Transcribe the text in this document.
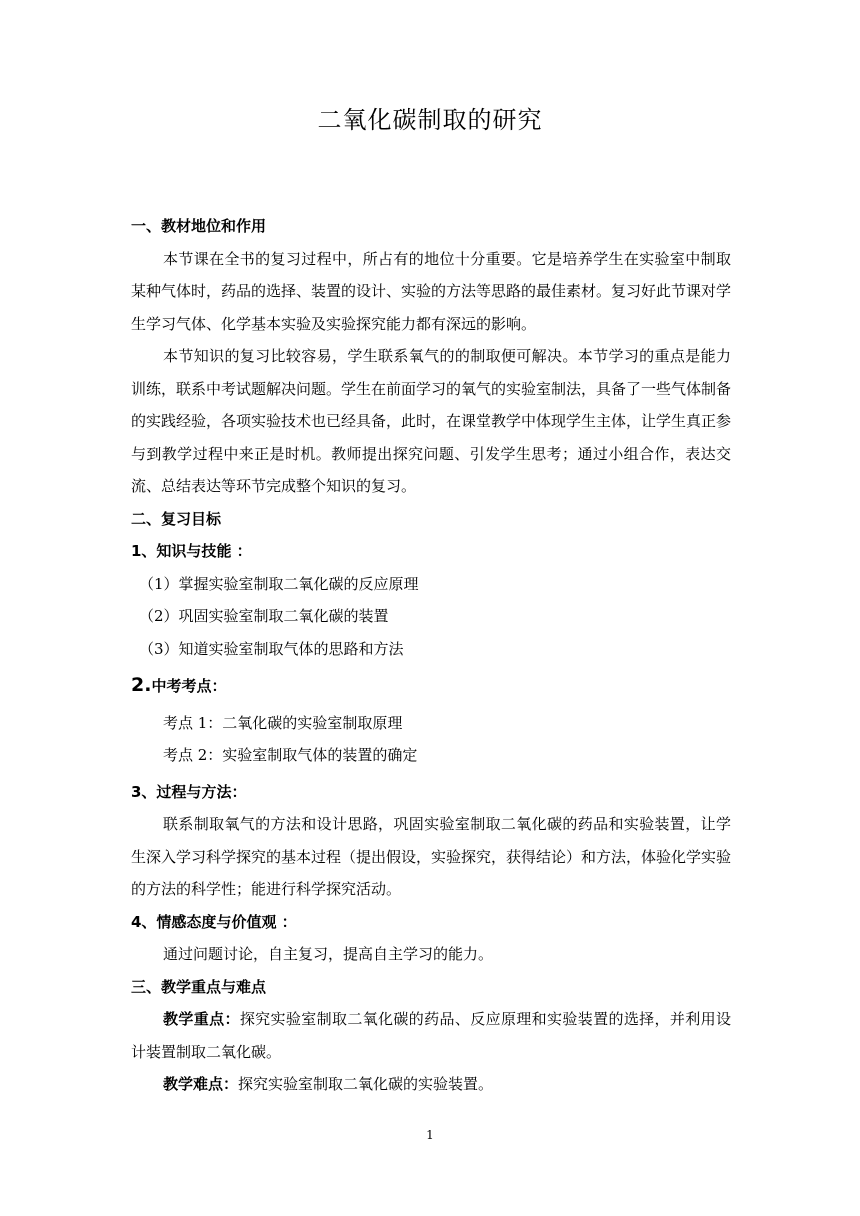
二氧化碳制取的研究

一、教材地位和作用

本节课在全书的复习过程中，所占有的地位十分重要。它是培养学生在实验室中制取某种气体时，药品的选择、装置的设计、实验的方法等思路的最佳素材。复习好此节课对学生学习气体、化学基本实验及实验探究能力都有深远的影响。

本节知识的复习比较容易，学生联系氧气的的制取便可解决。本节学习的重点是能力训练，联系中考试题解决问题。学生在前面学习的氧气的实验室制法，具备了一些气体制备的实践经验，各项实验技术也已经具备，此时，在课堂教学中体现学生主体，让学生真正参与到教学过程中来正是时机。教师提出探究问题、引发学生思考；通过小组合作，表达交流、总结表达等环节完成整个知识的复习。

二、复习目标

1、知识与技能 ：

（1）掌握实验室制取二氧化碳的反应原理

（2）巩固实验室制取二氧化碳的装置

（3）知道实验室制取气体的思路和方法

2.中考考点：

考点 1：二氧化碳的实验室制取原理

考点 2：实验室制取气体的装置的确定

3、过程与方法：

联系制取氧气的方法和设计思路，巩固实验室制取二氧化碳的药品和实验装置，让学生深入学习科学探究的基本过程（提出假设，实验探究，获得结论）和方法，体验化学实验的方法的科学性；能进行科学探究活动。

4、情感态度与价值观 ：

通过问题讨论，自主复习，提高自主学习的能力。

三、教学重点与难点

教学重点：探究实验室制取二氧化碳的药品、反应原理和实验装置的选择，并利用设计装置制取二氧化碳。

教学难点：探究实验室制取二氧化碳的实验装置。

1
